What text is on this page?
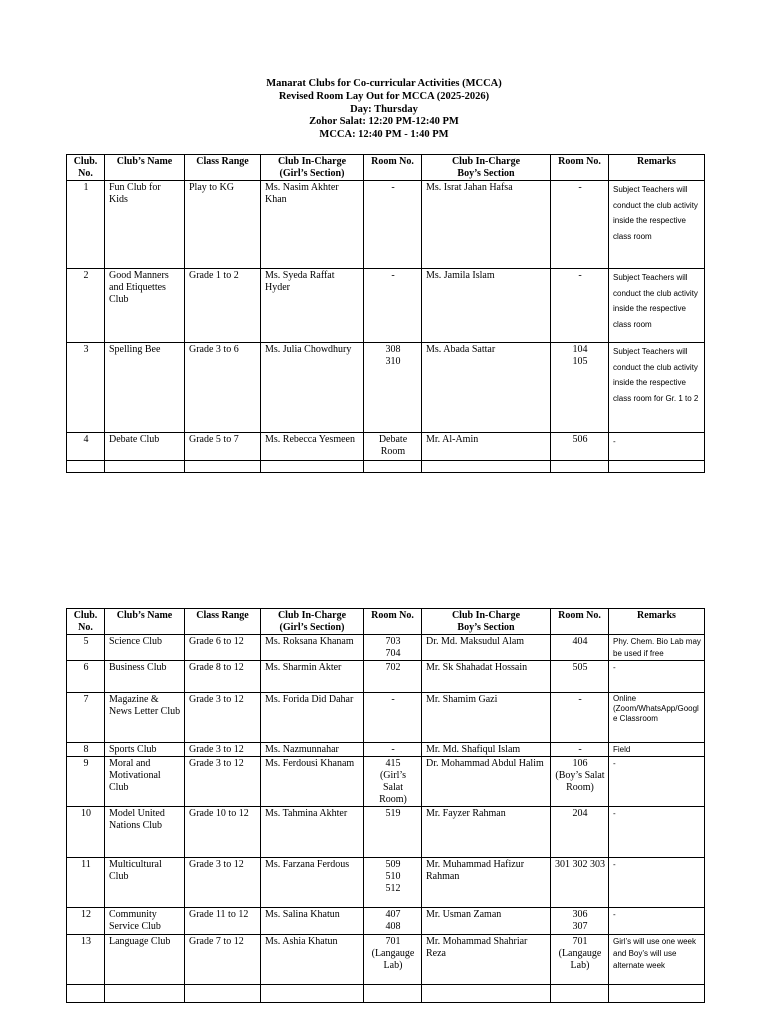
Manarat Clubs for Co-curricular Activities (MCCA)
Revised Room Lay Out for MCCA (2025-2026)
Day: Thursday
Zohor Salat: 12:20 PM-12:40 PM
MCCA: 12:40 PM - 1:40 PM
Club.
No.	Club’s Name	Class Range	Club In-Charge
(Girl’s Section)	Room No.	Club In-Charge
Boy’s Section	Room No.	Remarks
1	Fun Club for Kids	Play to KG	Ms. Nasim Akhter Khan	-	Ms. Israt Jahan Hafsa	-	Subject Teachers will conduct the club activity inside the respective class room
2	Good Manners and Etiquettes Club	Grade 1 to 2	Ms. Syeda Raffat Hyder	-	Ms. Jamila Islam	-	Subject Teachers will conduct the club activity inside the respective class room
3	Spelling Bee	Grade 3 to 6	Ms. Julia Chowdhury	308
310	Ms. Abada Sattar	104
105	Subject Teachers will conduct the club activity inside the respective class room for Gr. 1 to 2
4	Debate Club	Grade 5 to 7	Ms. Rebecca Yesmeen	Debate
Room	Mr. Al-Amin	506	-

Club.
No.	Club’s Name	Class Range	Club In-Charge
(Girl’s Section)	Room No.	Club In-Charge
Boy’s Section	Room No.	Remarks
5	Science Club	Grade 6 to 12	Ms. Roksana Khanam	703
704	Dr. Md. Maksudul Alam	404	Phy. Chem. Bio Lab may be used if free
6	Business Club	Grade 8 to 12	Ms. Sharmin Akter	702	Mr. Sk Shahadat Hossain	505	-
7	Magazine & News Letter Club	Grade 3 to 12	Ms. Forida Did Dahar	-	Mr. Shamim Gazi	-	Online (Zoom/WhatsApp/Google Classroom
8	Sports Club	Grade 3 to 12	Ms. Nazmunnahar	-	Mr. Md. Shafiqul Islam	-	Field
9	Moral and Motivational Club	Grade 3 to 12	Ms. Ferdousi Khanam	415
(Girl’s
Salat
Room)	Dr. Mohammad Abdul Halim	106
(Boy’s Salat
Room)	-
10	Model United Nations Club	Grade 10 to 12	Ms. Tahmina Akhter	519	Mr. Fayzer Rahman	204	-
11	Multicultural Club	Grade 3 to 12	Ms. Farzana Ferdous	509
510
512	Mr. Muhammad Hafizur Rahman	301 302 303	-
12	Community Service Club	Grade 11 to 12	Ms. Salina Khatun	407
408	Mr. Usman Zaman	306
307	-
13	Language Club	Grade 7 to 12	Ms. Ashia Khatun	701
(Langauge
Lab)	Mr. Mohammad Shahriar Reza	701
(Langauge
Lab)	Girl’s will use one week and Boy’s will use alternate week
